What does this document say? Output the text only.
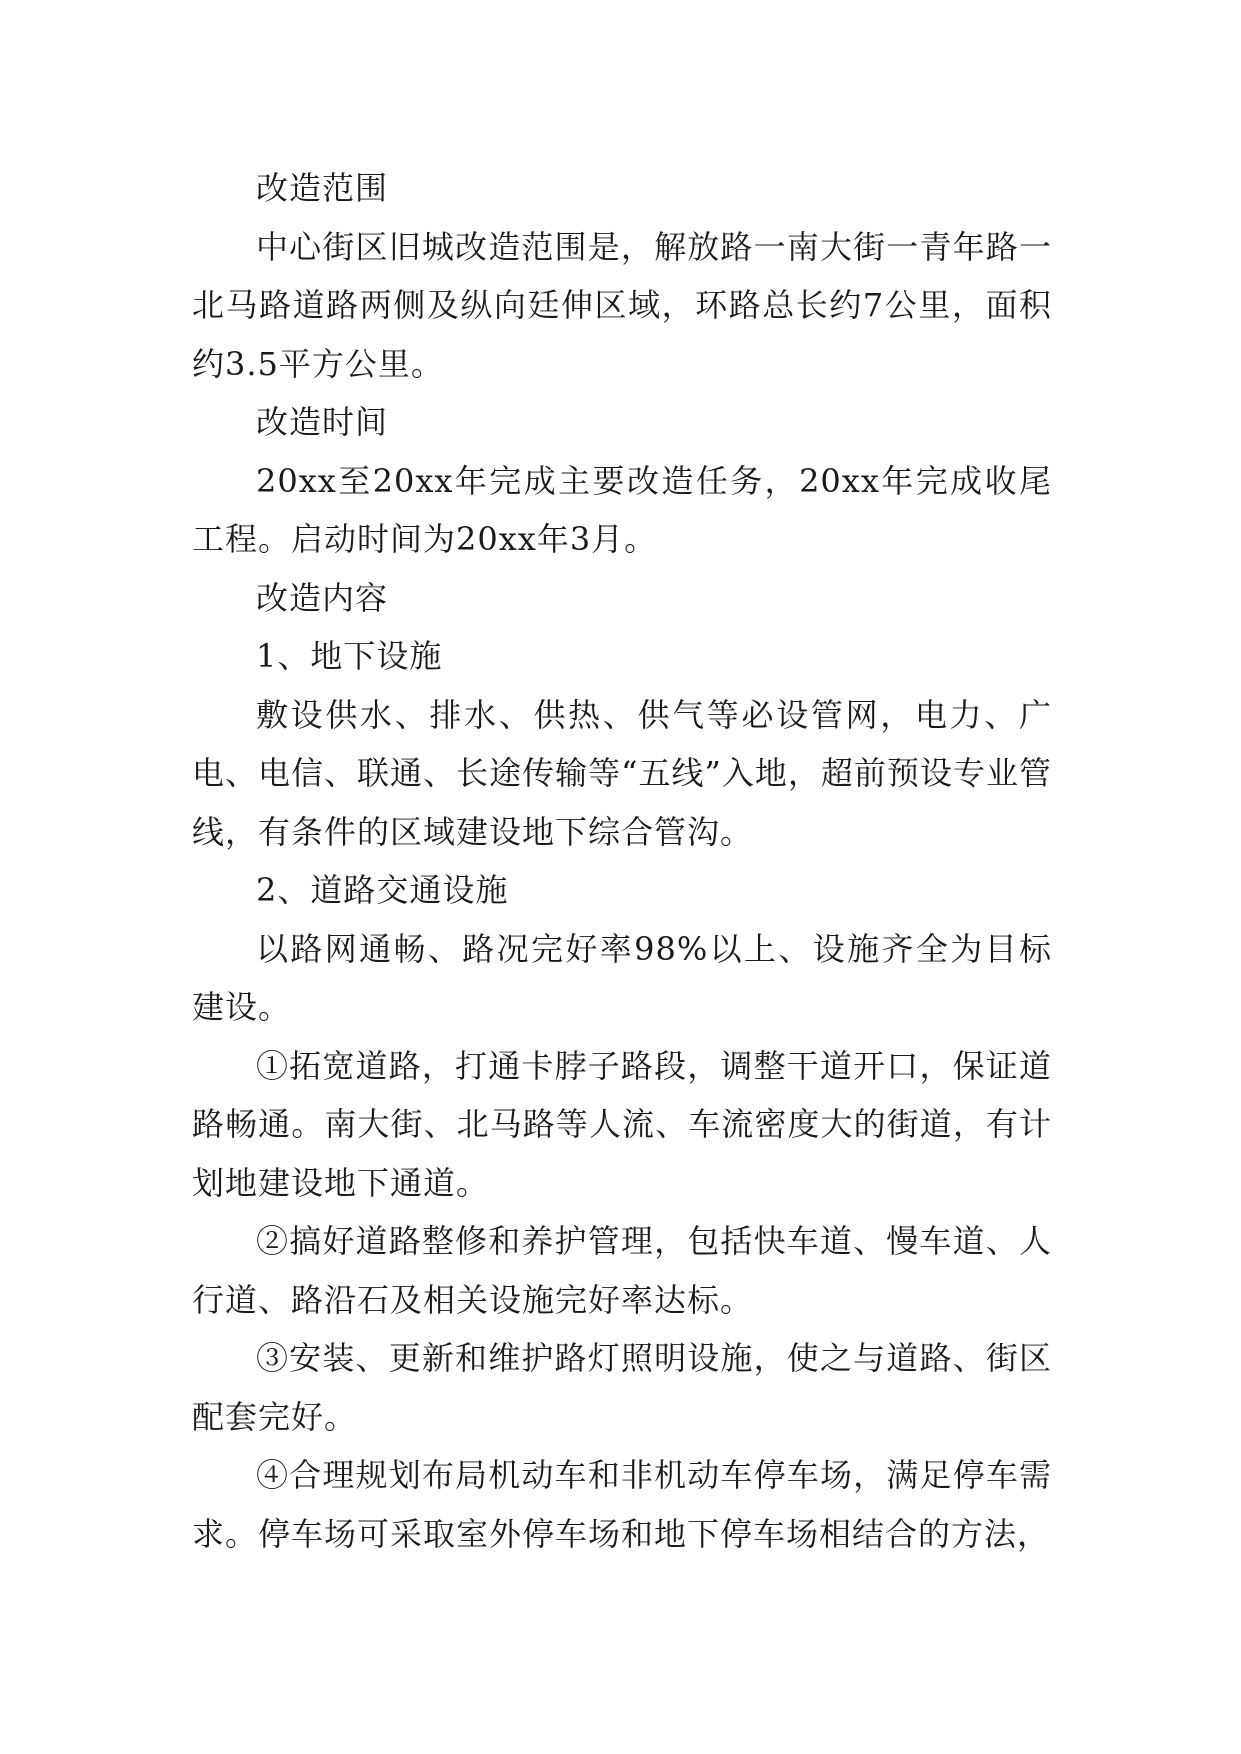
改造范围

中心街区旧城改造范围是，解放路一南大街一青年路一北马路道路两侧及纵向廷伸区域，环路总长约7公里，面积约3.5平方公里。

改造时间

20xx至20xx年完成主要改造任务，20xx年完成收尾工程。启动时间为20xx年3月。

改造内容

1、地下设施

敷设供水、排水、供热、供气等必设管网，电力、广电、电信、联通、长途传输等“五线”入地，超前预设专业管线，有条件的区域建设地下综合管沟。

2、道路交通设施

以路网通畅、路况完好率98%以上、设施齐全为目标建设。

①拓宽道路，打通卡脖子路段，调整干道开口，保证道路畅通。南大街、北马路等人流、车流密度大的街道，有计划地建设地下通道。

②搞好道路整修和养护管理，包括快车道、慢车道、人行道、路沿石及相关设施完好率达标。

③安装、更新和维护路灯照明设施，使之与道路、街区配套完好。

④合理规划布局机动车和非机动车停车场，满足停车需求。停车场可采取室外停车场和地下停车场相结合的方法，
